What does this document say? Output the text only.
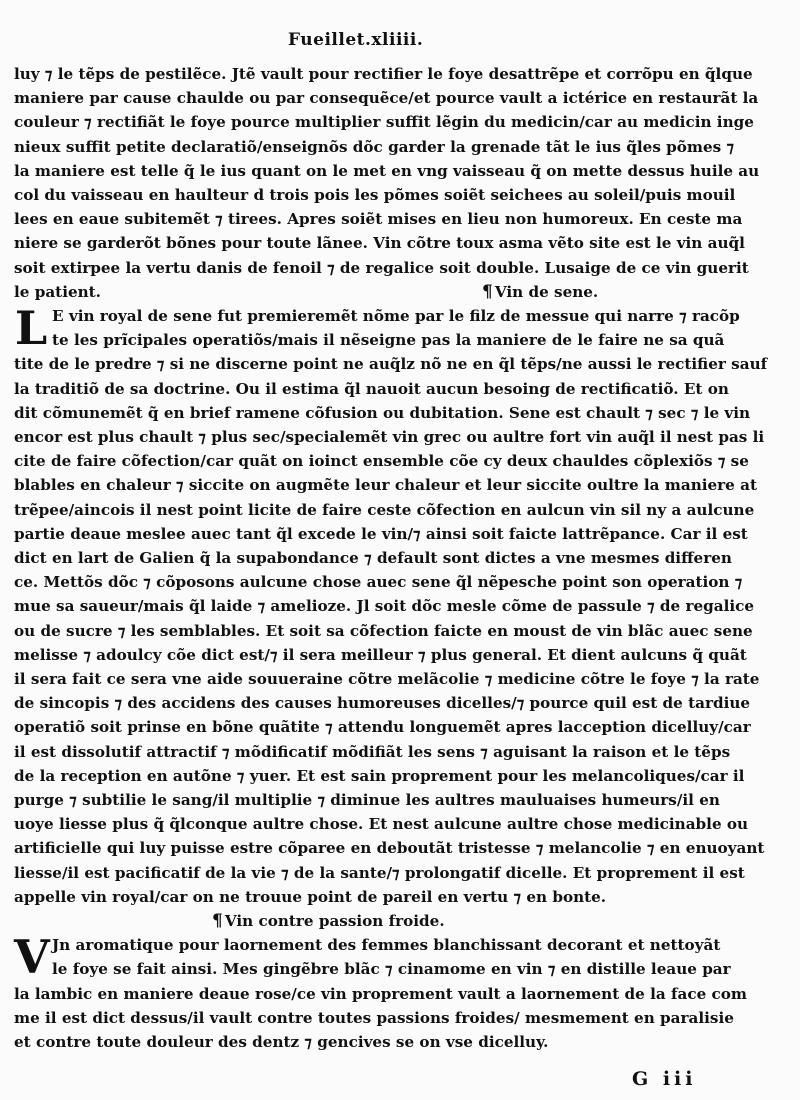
Fueillet.xliiii.
luy ⁊ le tẽps de pestilẽce. Jtẽ vault pour rectifier le foye desattrẽpe et corrõpu en q̃lque
maniere par cause chaulde ou par consequẽce/et pource vault a ictérice en restaurãt la
couleur ⁊ rectifiãt le foye pource multiplier suffit lẽgin du medicin/car au medicin inge
nieux suffit petite declaratiõ/enseignõs dõc garder la grenade tãt le ius q̃les põmes ⁊
la maniere est telle q̃ le ius quant on le met en vng vaisseau q̃ on mette dessus huile au
col du vaisseau en haulteur d trois pois les põmes soiẽt seichees au soleil/puis mouil
lees en eaue subitemẽt ⁊ tirees. Apres soiẽt mises en lieu non humoreux. En ceste ma
niere se garderõt bõnes pour toute lãnee. Vin cõtre toux asma vẽto site est le vin auq̃l
soit extirpee la vertu danis de fenoil ⁊ de regalice soit double. Lusaige de ce vin guerit
le patient.	¶ Vin de sene.
L E vin royal de sene fut premieremẽt nõme par le filz de messue qui narre ⁊ racõp
te les prĩcipales operatiõs/mais il nẽseigne pas la maniere de le faire ne sa quã
tite de le predre ⁊ si ne discerne point ne auq̃lz nõ ne en q̃l tẽps/ne aussi le rectifier sauf
la traditiõ de sa doctrine. Ou il estima q̃l nauoit aucun besoing de rectificatiõ. Et on
dit cõmunemẽt q̃ en brief ramene cõfusion ou dubitation. Sene est chault ⁊ sec ⁊ le vin
encor est plus chault ⁊ plus sec/specialemẽt vin grec ou aultre fort vin auq̃l il nest pas li
cite de faire cõfection/car quãt on ioinct ensemble cõe cy deux chauldes cõplexiõs ⁊ se
blables en chaleur ⁊ siccite on augmẽte leur chaleur et leur siccite oultre la maniere at
trẽpee/aincois il nest point licite de faire ceste cõfection en aulcun vin sil ny a aulcune
partie deaue meslee auec tant q̃l excede le vin/⁊ ainsi soit faicte lattrẽpance. Car il est
dict en lart de Galien q̃ la supabondance ⁊ default sont dictes a vne mesmes differen
ce. Mettõs dõc ⁊ cõposons aulcune chose auec sene q̃l nẽpesche point son operation ⁊
mue sa saueur/mais q̃l laide ⁊ amelioze. Jl soit dõc mesle cõme de passule ⁊ de regalice
ou de sucre ⁊ les semblables. Et soit sa cõfection faicte en moust de vin blãc auec sene
melisse ⁊ adoulcy cõe dict est/⁊ il sera meilleur ⁊ plus general. Et dient aulcuns q̃ quãt
il sera fait ce sera vne aide souueraine cõtre melãcolie ⁊ medicine cõtre le foye ⁊ la rate
de sincopis ⁊ des accidens des causes humoreuses dicelles/⁊ pource quil est de tardiue
operatiõ soit prinse en bõne quãtite ⁊ attendu longuemẽt apres lacception dicelluy/car
il est dissolutif attractif ⁊ mõdificatif mõdifiãt les sens ⁊ aguisant la raison et le tẽps
de la reception en autõne ⁊ yuer. Et est sain proprement pour les melancoliques/car il
purge ⁊ subtilie le sang/il multiplie ⁊ diminue les aultres mauluaises humeurs/il en
uoye liesse plus q̃ q̃lconque aultre chose. Et nest aulcune aultre chose medicinable ou
artificielle qui luy puisse estre cõparee en deboutãt tristesse ⁊ melancolie ⁊ en enuoyant
liesse/il est pacificatif de la vie ⁊ de la sante/⁊ prolongatif dicelle. Et proprement il est
appelle vin royal/car on ne trouue point de pareil en vertu ⁊ en bonte.
¶ Vin contre passion froide.
V Jn aromatique pour laornement des femmes blanchissant decorant et nettoyãt
le foye se fait ainsi. Mes gingẽbre blãc ⁊ cinamome en vin ⁊ en distille leaue par
la lambic en maniere deaue rose/ce vin proprement vault a laornement de la face com
me il est dict dessus/il vault contre toutes passions froides/ mesmement en paralisie
et contre toute douleur des dentz ⁊ gencives se on vse dicelluy.
G iii
